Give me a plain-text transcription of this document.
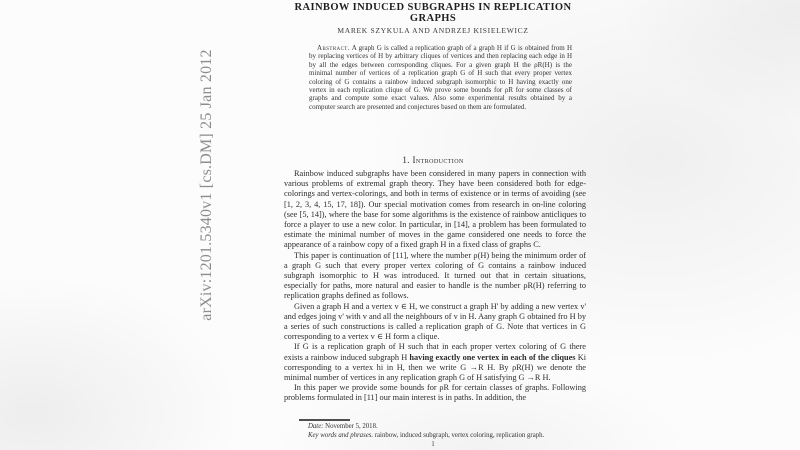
arXiv:1201.5340v1 [cs.DM] 25 Jan 2012
RAINBOW INDUCED SUBGRAPHS IN REPLICATION GRAPHS
MAREK SZYKULA AND ANDRZEJ KISIELEWICZ
Abstract. A graph G is called a replication graph of a graph H if G is obtained from H by replacing vertices of H by arbitrary cliques of vertices and then replacing each edge in H by all the edges between corresponding cliques. For a given graph H the ρR(H) is the minimal number of vertices of a replication graph G of H such that every proper vertex coloring of G contains a rainbow induced subgraph isomorphic to H having exactly one vertex in each replication clique of G. We prove some bounds for ρR for some classes of graphs and compute some exact values. Also some experimental results obtained by a computer search are presented and conjectures based on them are formulated.
1. Introduction

Rainbow induced subgraphs have been considered in many papers in connection with various problems of extremal graph theory. They have been considered both for edge-colorings and vertex-colorings, and both in terms of existence or in terms of avoiding (see [1, 2, 3, 4, 15, 17, 18]). Our special motivation comes from research in on-line coloring (see [5, 14]), where the base for some algorithms is the existence of rainbow anticliques to force a player to use a new color. In particular, in [14], a problem has been formulated to estimate the minimal number of moves in the game considered one needs to force the appearance of a rainbow copy of a fixed graph H in a fixed class of graphs C.

This paper is continuation of [11], where the number ρ(H) being the minimum order of a graph G such that every proper vertex coloring of G contains a rainbow induced subgraph isomorphic to H was introduced. It turned out that in certain situations, especially for paths, more natural and easier to handle is the number ρR(H) referring to replication graphs defined as follows.

Given a graph H and a vertex v ∈ H, we construct a graph H' by adding a new vertex v' and edges joing v' with v and all the neighbours of v in H. Aany graph G obtained fro H by a series of such constructions is called a replication graph of G. Note that vertices in G corresponding to a vertex v ∈ H form a clique.

If G is a replication graph of H such that in each proper vertex coloring of G there exists a rainbow induced subgraph H having exactly one vertex in each of the cliques Ki corresponding to a vertex hi in H, then we write G →R H. By ρR(H) we denote the minimal number of vertices in any replication graph G of H satisfying G →R H.

In this paper we provide some bounds for ρR for certain classes of graphs. Following problems formulated in [11] our main interest is in paths. In addition, the

Date: November 5, 2018.
Key words and phrases. rainbow, induced subgraph, vertex coloring, replication graph.
1
